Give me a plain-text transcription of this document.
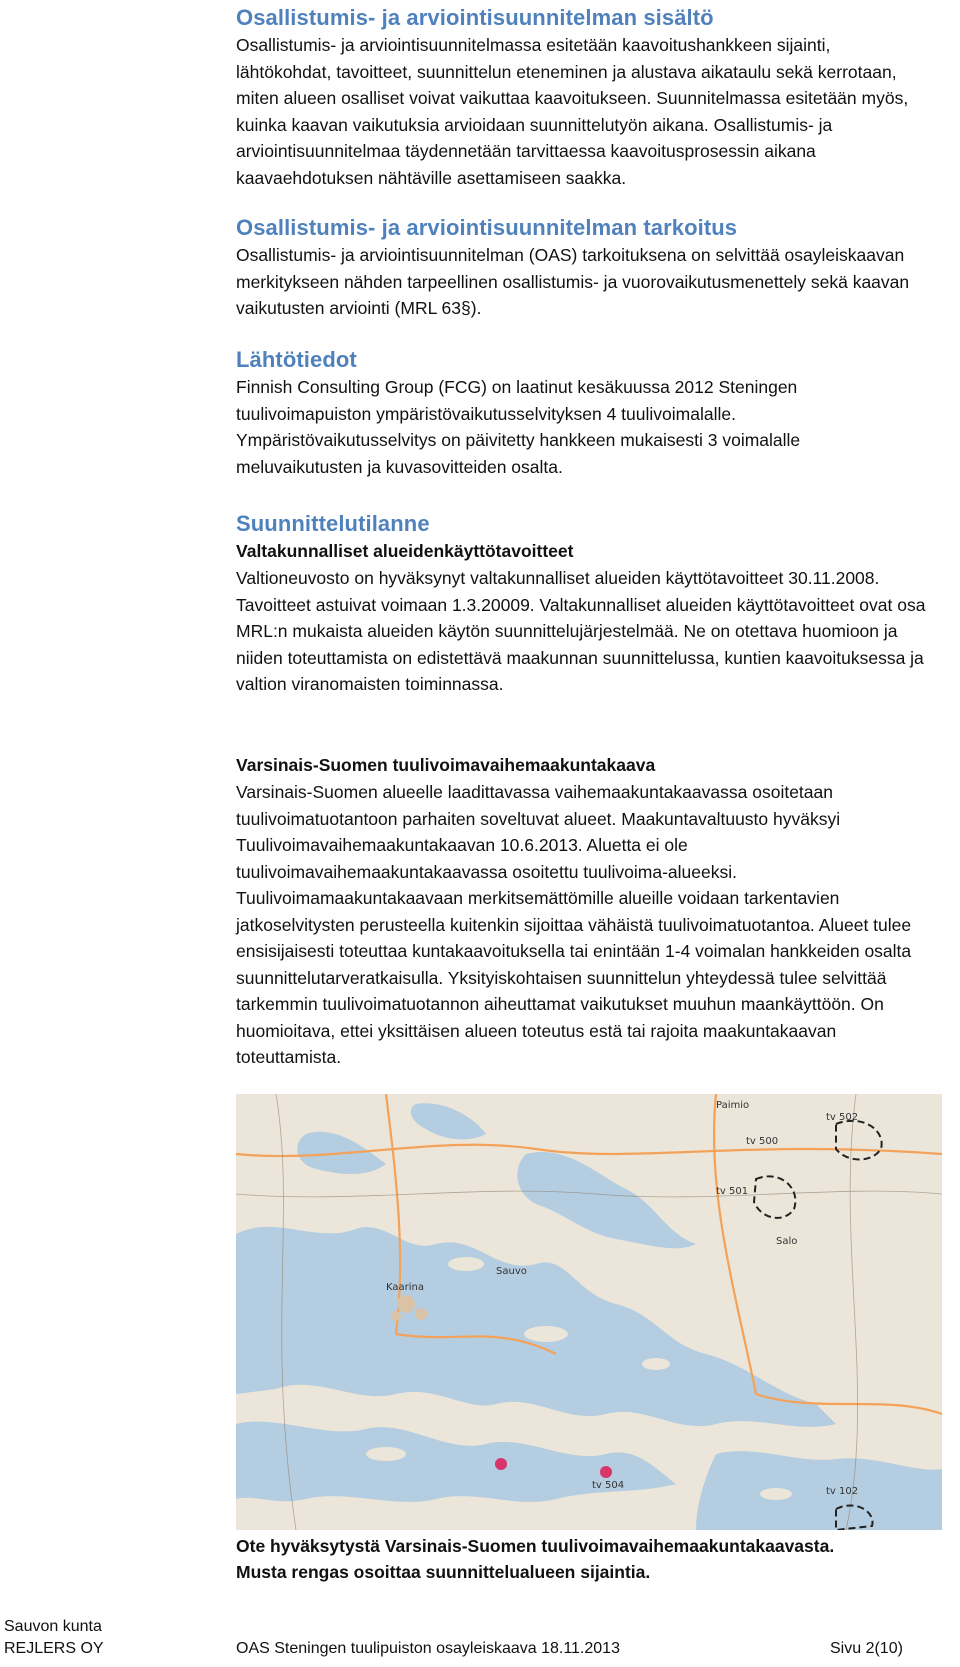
Osallistumis- ja arviointisuunnitelman sisältö

Osallistumis- ja arviointisuunnitelmassa esitetään kaavoitushankkeen sijainti, lähtökohdat, tavoitteet, suunnittelun eteneminen ja alustava aikataulu sekä kerrotaan, miten alueen osalliset voivat vaikuttaa kaavoitukseen. Suunnitelmassa esitetään myös, kuinka kaavan vaikutuksia arvioidaan suunnittelutyön aikana. Osallistumis- ja arviointisuunnitelmaa täydennetään tarvittaessa kaavoitusprosessin aikana kaavaehdotuksen nähtäville asettamiseen saakka.

Osallistumis- ja arviointisuunnitelman tarkoitus

Osallistumis- ja arviointisuunnitelman (OAS) tarkoituksena on selvittää osayleiskaavan merkitykseen nähden tarpeellinen osallistumis- ja vuorovaikutusmenettely sekä kaavan vaikutusten arviointi (MRL 63§).

Lähtötiedot

Finnish Consulting Group (FCG) on laatinut kesäkuussa 2012 Steningen tuulivoimapuiston ympäristövaikutusselvityksen 4 tuulivoimalalle. Ympäristövaikutusselvitys on päivitetty hankkeen mukaisesti 3 voimalalle meluvaikutusten ja kuvasovitteiden osalta.

Suunnittelutilanne
Valtakunnalliset alueidenkäyttötavoitteet

Valtioneuvosto on hyväksynyt valtakunnalliset alueiden käyttötavoitteet 30.11.2008. Tavoitteet astuivat voimaan 1.3.20009. Valtakunnalliset alueiden käyttötavoitteet ovat osa MRL:n mukaista alueiden käytön suunnittelujärjestelmää. Ne on otettava huomioon ja niiden toteuttamista on edistettävä maakunnan suunnittelussa, kuntien kaavoituksessa ja valtion viranomaisten toiminnassa.

Varsinais-Suomen tuulivoimavaihemaakuntakaava

Varsinais-Suomen alueelle laadittavassa vaihemaakuntakaavassa osoitetaan tuulivoimatuotantoon parhaiten soveltuvat alueet. Maakuntavaltuusto hyväksyi Tuulivoimavaihemaakuntakaavan 10.6.2013. Aluetta ei ole tuulivoimavaihemaakuntakaavassa osoitettu tuulivoima-alueeksi. Tuulivoimamaakuntakaavaan merkitsemättömille alueille voidaan tarkentavien jatkoselvitysten perusteella kuitenkin sijoittaa vähäistä tuulivoimatuotantoa. Alueet tulee ensisijaisesti toteuttaa kuntakaavoituksella tai enintään 1-4 voimalan hankkeiden osalta suunnittelutarveratkaisulla. Yksityiskohtaisen suunnittelun yhteydessä tulee selvittää tarkemmin tuulivoimatuotannon aiheuttamat vaikutukset muuhun maankäyttöön. On huomioitava, ettei yksittäisen alueen toteutus estä tai rajoita maakuntakaavan toteuttamista.

Paimio
tv 502
tv 500
tv 501
Kaarina
Salo
Sauvo
tv 102
tv 504

Ote hyväksytystä Varsinais-Suomen tuulivoimavaihemaakuntakaavasta.

Musta rengas osoittaa suunnittelualueen sijaintia.

Sauvon kunta
REJLERS OY	OAS Steningen tuulipuiston osayleiskaava 18.11.2013	Sivu 2(10)
